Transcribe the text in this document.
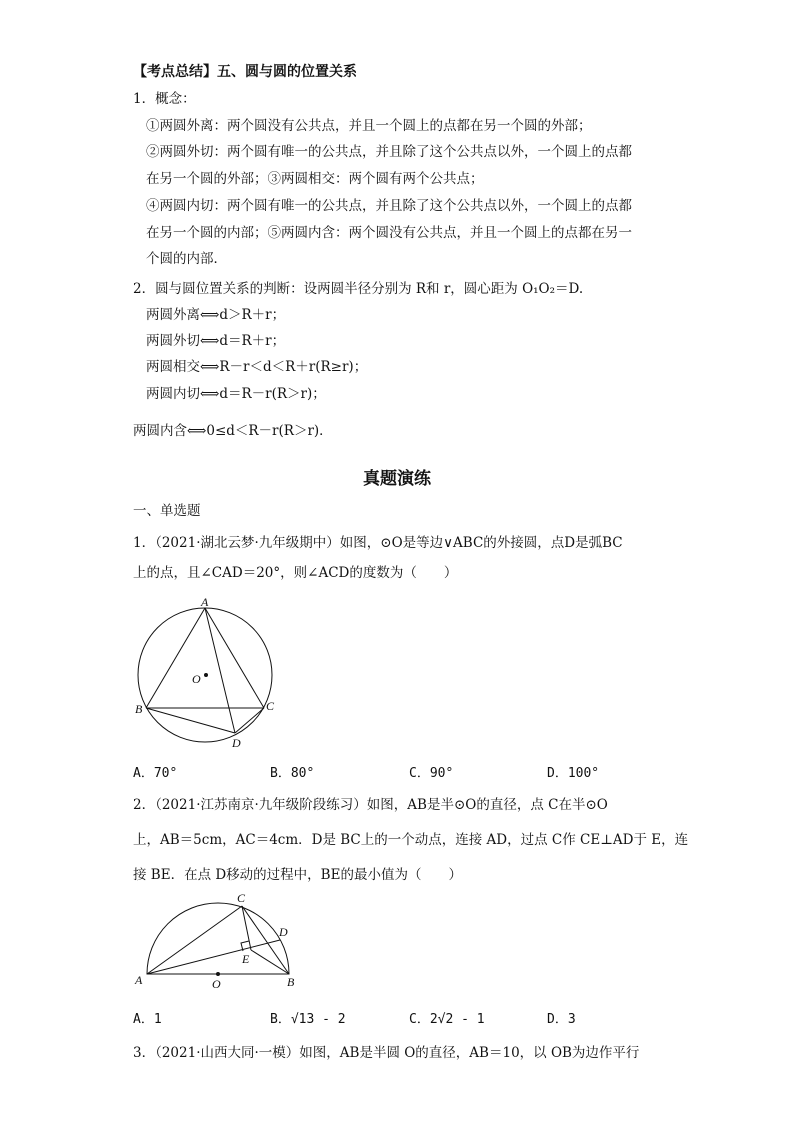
【考点总结】五、圆与圆的位置关系
1．概念：
①两圆外离：两个圆没有公共点，并且一个圆上的点都在另一个圆的外部；
②两圆外切：两个圆有唯一的公共点，并且除了这个公共点以外，一个圆上的点都
在另一个圆的外部；③两圆相交：两个圆有两个公共点；
④两圆内切：两个圆有唯一的公共点，并且除了这个公共点以外，一个圆上的点都
在另一个圆的内部；⑤两圆内含：两个圆没有公共点，并且一个圆上的点都在另一
个圆的内部．
2．圆与圆位置关系的判断：设两圆半径分别为 R和 r，圆心距为 O₁O₂＝D.
两圆外离⟺d＞R＋r；
两圆外切⟺d＝R＋r；
两圆相交⟺R－r＜d＜R＋r(R≥r)；
两圆内切⟺d＝R－r(R＞r)；
两圆内含⟺0≤d＜R－r(R＞r)．
真题演练
一、单选题
1．（2021·湖北云梦·九年级期中）如图，⊙O是等边∨ABC的外接圆，点D是弧BC
上的点，且∠CAD＝20°，则∠ACD的度数为（　　）
A
B	C
D
O
A．70°	B．80°	C．90°	D．100°
2．（2021·江苏南京·九年级阶段练习）如图，AB是半⊙O的直径，点 C在半⊙O
上，AB＝5cm，AC＝4cm．D是 BC上的一个动点，连接 AD，过点 C作 CE⊥AD于 E，连
接 BE．在点 D移动的过程中，BE的最小值为（　　）
A	B
C
D
E
O
A．1	B．√13 - 2	C．2√2 - 1	D．3
3．（2021·山西大同·一模）如图，AB是半圆 O的直径，AB＝10，以 OB为边作平行
